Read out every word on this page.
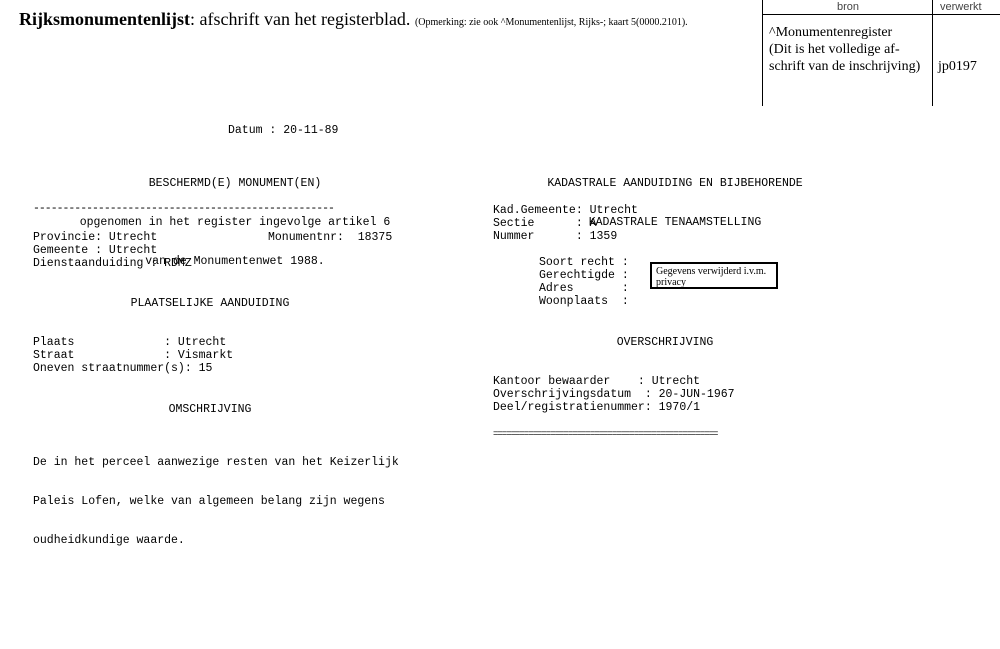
Rijksmonumentenlijst: afschrift van het registerblad. (Opmerking: zie ook ^Monumentenlijst, Rijks-; kaart 5(0000.2101).
bron	verwerkt
^Monumentenregister
(Dit is het volledige af-
schrift van de inschrijving)	jp0197
Datum : 20-11-89

BESCHERMD(E) MONUMENT(EN)

opgenomen in het register ingevolge artikel 6

van de Monumentenwet 1988.

---------------------------------------------------
Provincie: Utrecht	Monumentnr:  18375
Gemeente : Utrecht
Dienstaanduiding : RDMZ
PLAATSELIJKE AANDUIDING
Plaats             : Utrecht
Straat             : Vismarkt
Oneven straatnummer(s): 15
OMSCHRIJVING

De in het perceel aanwezige resten van het Keizerlijk

Paleis Lofen, welke van algemeen belang zijn wegens

oudheidkundige waarde.

KADASTRALE AANDUIDING EN BIJBEHORENDE

KADASTRALE TENAAMSTELLING

Kad.Gemeente: Utrecht
Sectie      : A
Nummer      : 1359
Soort recht :
Gerechtigde :
Adres       :
Woonplaats  :
Gegevens verwijderd i.v.m. privacy
OVERSCHRIJVING
Kantoor bewaarder    : Utrecht
Overschrijvingsdatum  : 20-JUN-1967
Deel/registratienummer: 1970/1
===================================================
